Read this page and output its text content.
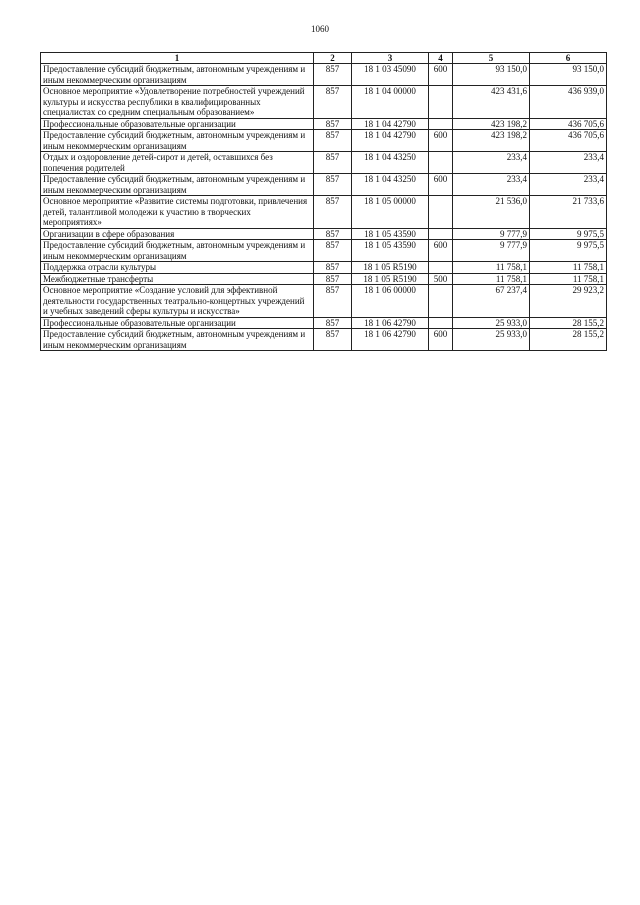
1060
1	2	3	4	5	6
Предоставление субсидий бюджетным, автономным учреждениям и иным некоммерческим организациям	857	18 1 03 45090	600	93 150,0	93 150,0
Основное мероприятие «Удовлетворение потребностей учреждений культуры и искусства республики в квалифицированных специалистах со средним специальным образованием»	857	18 1 04 00000		423 431,6	436 939,0
Профессиональные образовательные организации	857	18 1 04 42790		423 198,2	436 705,6
Предоставление субсидий бюджетным, автономным учреждениям и иным некоммерческим организациям	857	18 1 04 42790	600	423 198,2	436 705,6
Отдых и оздоровление детей-сирот и детей, оставшихся без попечения родителей	857	18 1 04 43250		233,4	233,4
Предоставление субсидий бюджетным, автономным учреждениям и иным некоммерческим организациям	857	18 1 04 43250	600	233,4	233,4
Основное мероприятие «Развитие системы подготовки, привлечения детей, талантливой молодежи к участию в творческих мероприятиях»	857	18 1 05 00000		21 536,0	21 733,6
Организации в сфере образования	857	18 1 05 43590		9 777,9	9 975,5
Предоставление субсидий бюджетным, автономным учреждениям и иным некоммерческим организациям	857	18 1 05 43590	600	9 777,9	9 975,5
Поддержка отрасли культуры	857	18 1 05 R5190		11 758,1	11 758,1
Межбюджетные трансферты	857	18 1 05 R5190	500	11 758,1	11 758,1
Основное мероприятие «Создание условий для эффективной деятельности государственных театрально-концертных учреждений и учебных заведений сферы культуры и искусства»	857	18 1 06 00000		67 237,4	29 923,2
Профессиональные образовательные организации	857	18 1 06 42790		25 933,0	28 155,2
Предоставление субсидий бюджетным, автономным учреждениям и иным некоммерческим организациям	857	18 1 06 42790	600	25 933,0	28 155,2
